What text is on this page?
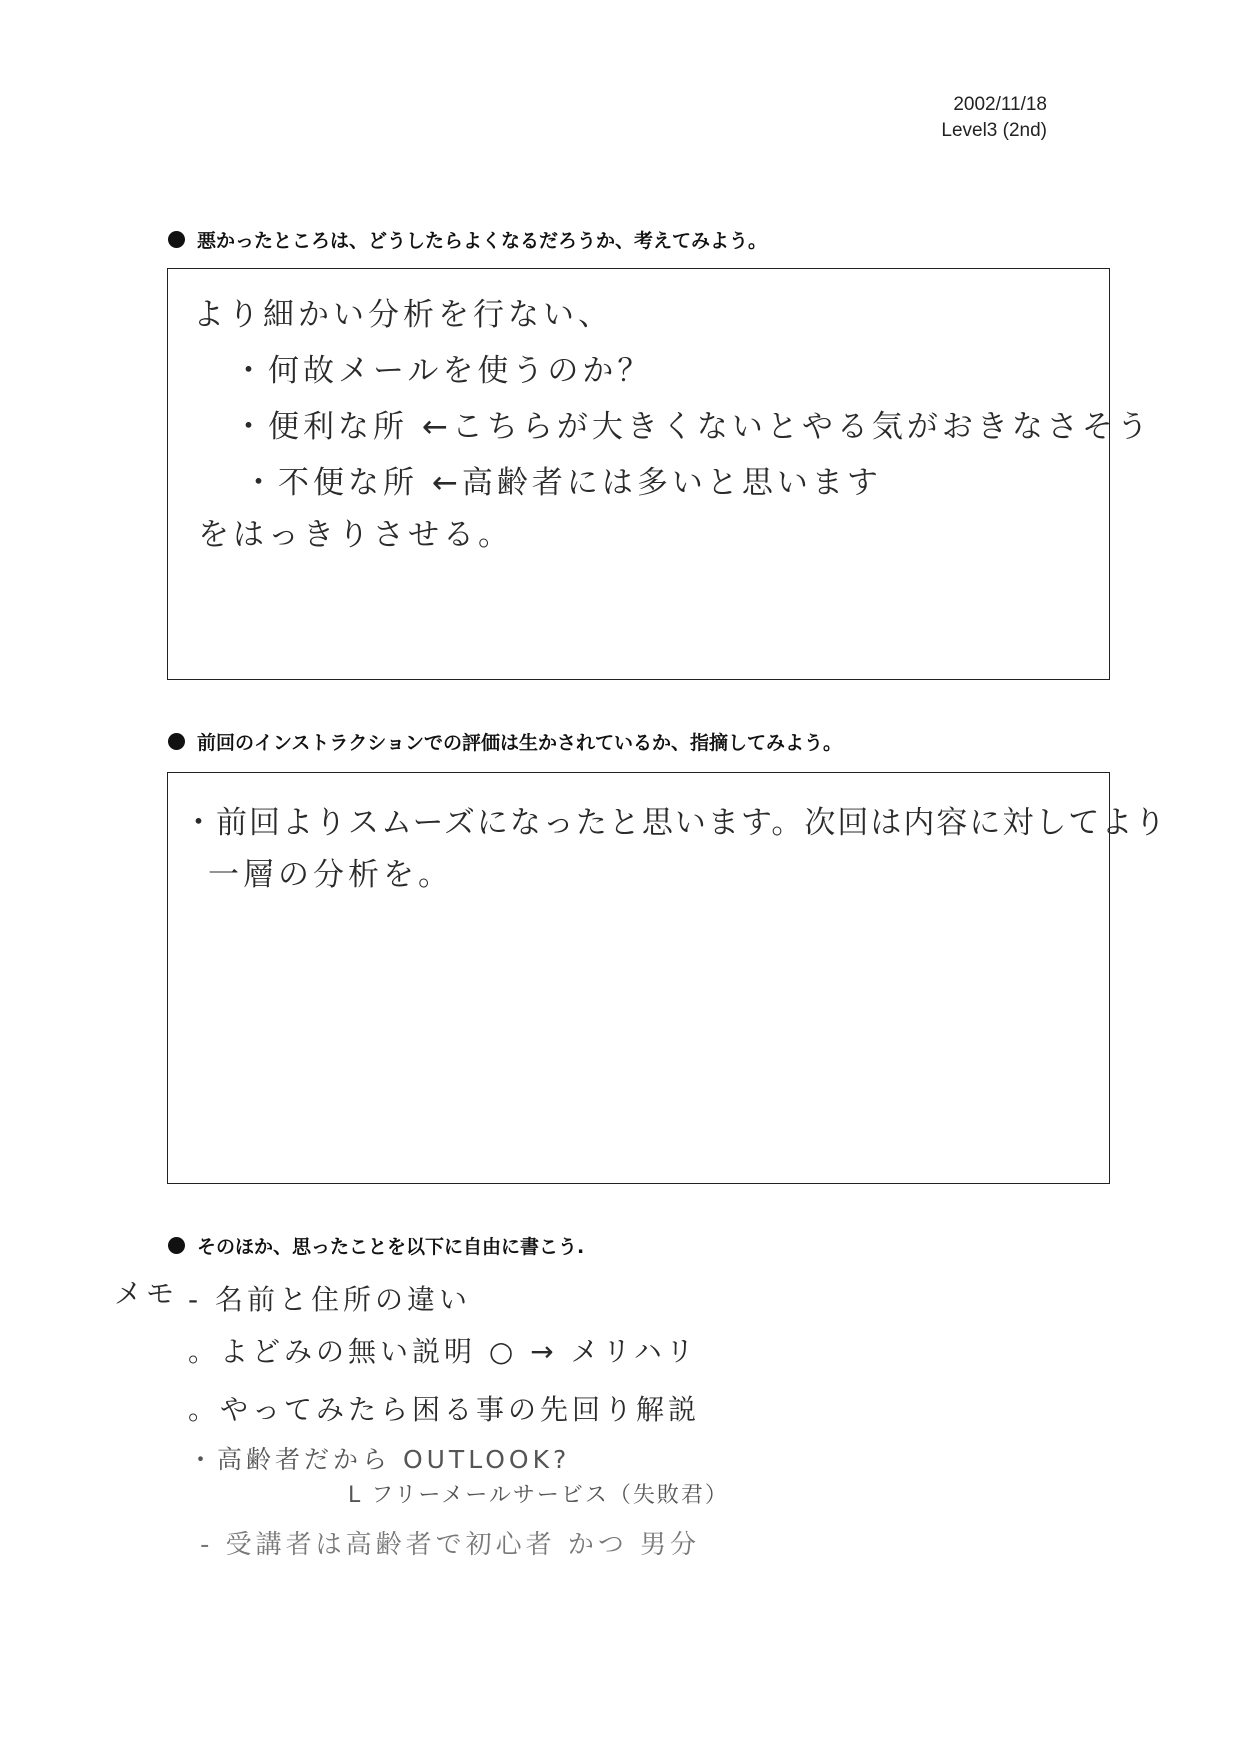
2002/11/18
Level3 (2nd)
悪かったところは、どうしたらよくなるだろうか、考えてみよう。
より細かい分析を行ない、
・何故メールを使うのか？
・便利な所 ←こちらが大きくないとやる気がおきなさそう
・不便な所 ←高齢者には多いと思います
をはっきりさせる。
前回のインストラクションでの評価は生かされているか、指摘してみよう。
・前回よりスムーズになったと思います。次回は内容に対してより
一層の分析を。
そのほか、思ったことを以下に自由に書こう.
メモ - 名前と住所の違い
。よどみの無い説明 ○ → メリハリ
。やってみたら困る事の先回り解説
・高齢者だから OUTLOOK?
L フリーメールサービス（失敗君）
- 受講者は高齢者で初心者 かつ 男分
